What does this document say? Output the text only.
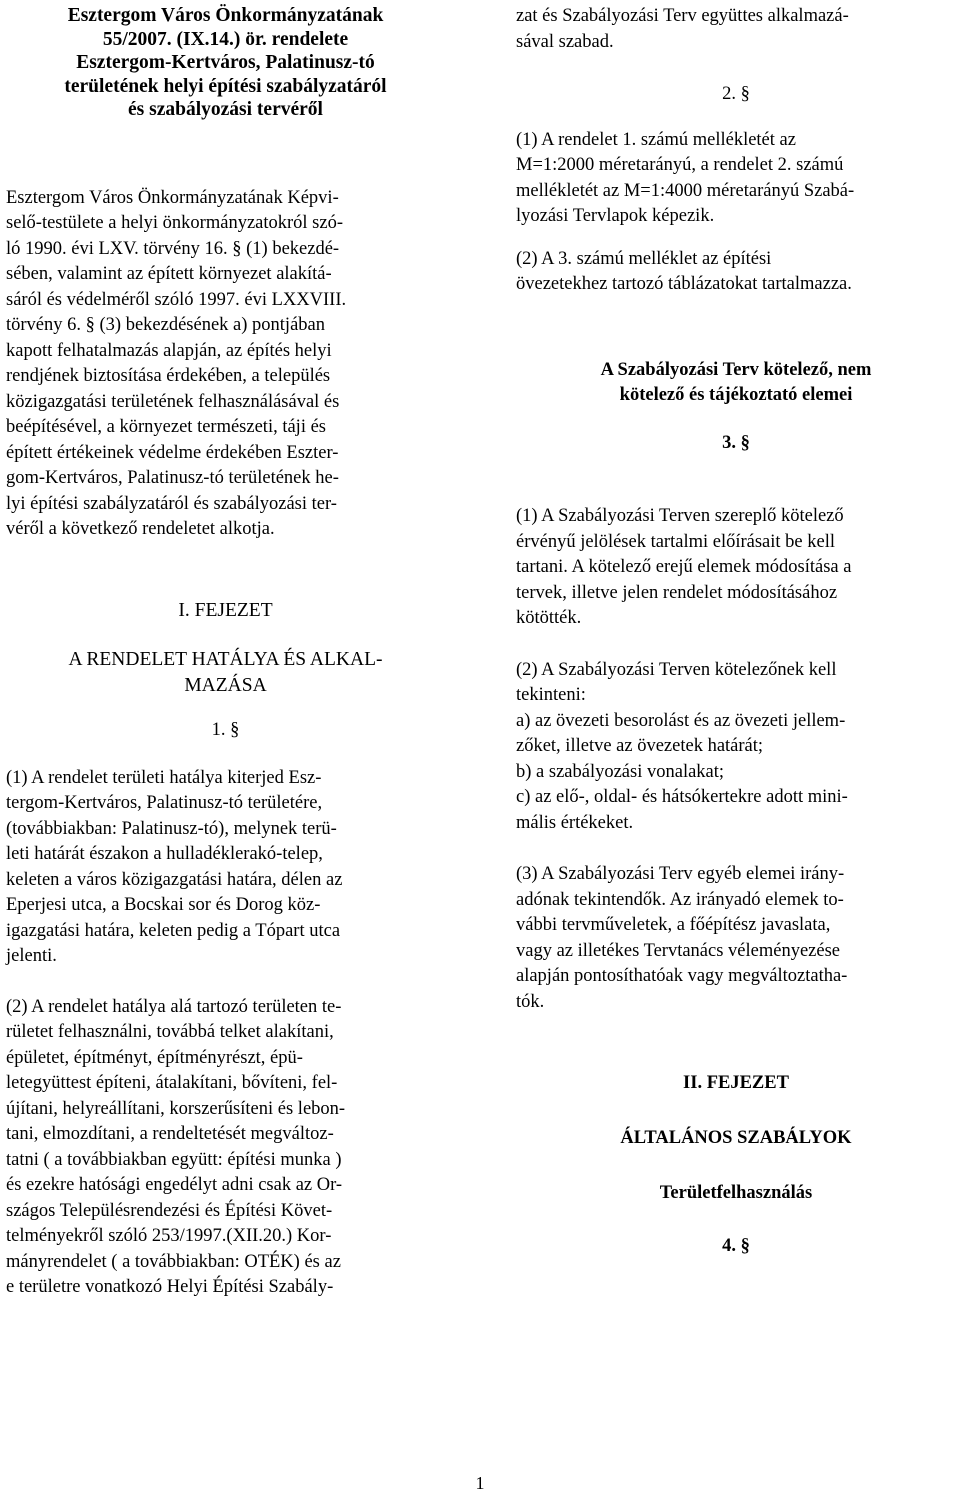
Esztergom Város Önkormányzatának
55/2007. (IX.14.) ör. rendelete
Esztergom-Kertváros, Palatinusz-tó
területének helyi építési szabályzatáról
és szabályozási tervéről

Esztergom Város Önkormányzatának Képvi-

selő-testülete a helyi önkormányzatokról szó-

ló 1990. évi LXV. törvény 16. § (1) bekezdé-

sében, valamint az épített környezet alakítá-

sáról és védelméről szóló 1997. évi LXXVIII.

törvény 6. § (3) bekezdésének a) pontjában

kapott felhatalmazás alapján, az építés helyi

rendjének biztosítása érdekében, a település

közigazgatási területének felhasználásával és

beépítésével, a környezet természeti, táji és

épített értékeinek védelme érdekében Eszter-

gom-Kertváros, Palatinusz-tó területének he-

lyi építési szabályzatáról és szabályozási ter-

véről a következő rendeletet alkotja.

I. FEJEZET

A RENDELET HATÁLYA ÉS ALKAL-

MAZÁSA

1. §

(1) A rendelet területi hatálya kiterjed Esz-

tergom-Kertváros, Palatinusz-tó területére,

(továbbiakban: Palatinusz-tó), melynek terü-

leti határát északon a hulladéklerakó-telep,

keleten a város közigazgatási határa, délen az

Eperjesi utca, a Bocskai sor és Dorog köz-

igazgatási határa, keleten pedig a Tópart utca

jelenti.

(2) A rendelet hatálya alá tartozó területen te-

rületet felhasználni, továbbá telket alakítani,

épületet, építményt, építményrészt, épü-

letegyüttest építeni, átalakítani, bővíteni, fel-

újítani, helyreállítani, korszerűsíteni és lebon-

tani, elmozdítani, a rendeltetését megváltoz-

tatni ( a továbbiakban együtt: építési munka )

és ezekre hatósági engedélyt adni csak az Or-

szágos Településrendezési és Építési Követ-

telményekről szóló 253/1997.(XII.20.) Kor-

mányrendelet ( a továbbiakban: OTÉK) és az

e területre vonatkozó Helyi Építési Szabály-

zat és Szabályozási Terv együttes alkalmazá-

sával szabad.

2. §

(1) A rendelet 1. számú mellékletét az

M=1:2000 méretarányú, a rendelet 2. számú

mellékletét az M=1:4000 méretarányú Szabá-

lyozási Tervlapok képezik.

(2) A 3. számú melléklet az építési

övezetekhez tartozó táblázatokat tartalmazza.

A Szabályozási Terv kötelező, nem

kötelező és tájékoztató elemei

3. §

(1) A Szabályozási Terven szereplő kötelező

érvényű jelölések tartalmi előírásait be kell

tartani. A kötelező erejű elemek módosítása a

tervek, illetve jelen rendelet módosításához

kötötték.

(2) A Szabályozási Terven kötelezőnek kell

tekinteni:

a) az övezeti besorolást és az övezeti jellem-

zőket, illetve az övezetek határát;

b) a szabályozási vonalakat;

c) az elő-, oldal- és hátsókertekre adott mini-

mális értékeket.

(3) A Szabályozási Terv egyéb elemei irány-

adónak tekintendők. Az irányadó elemek to-

vábbi tervműveletek, a főépítész javaslata,

vagy az illetékes Tervtanács véleményezése

alapján pontosíthatóak vagy megváltoztatha-

tók.

II. FEJEZET

ÁLTALÁNOS SZABÁLYOK

Területfelhasználás

4. §

1
